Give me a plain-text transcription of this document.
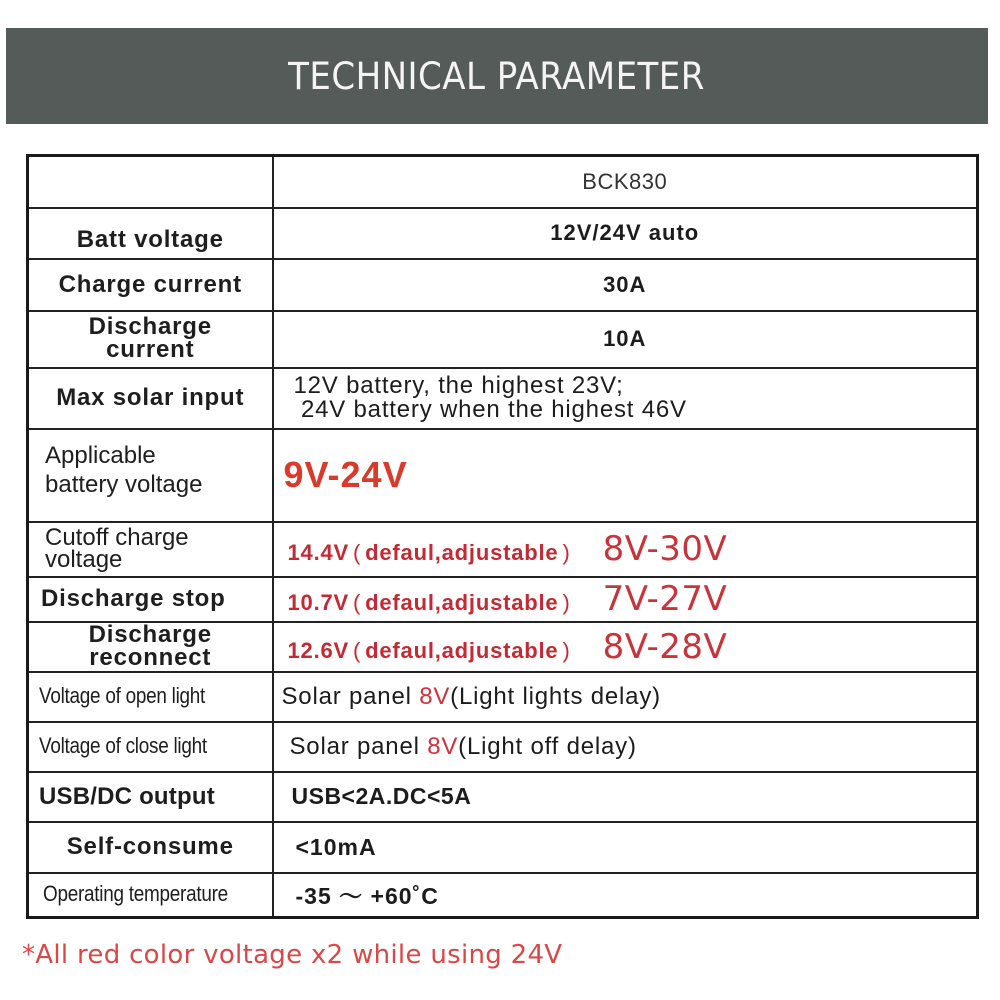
TECHNICAL PARAMETER
	BCK830
Batt voltage	12V/24V auto
Charge current	30A

Discharge
current	10A
Max solar input	12V battery, the highest 23V;
24V battery when the highest 46V

Applicable
battery voltage	9V-24V

Cutoff charge
voltage	14.4V ( defaul,adjustable ) 8V-30V
Discharge stop	10.7V ( defaul,adjustable ) 7V-27V

Discharge
reconnect	12.6V ( defaul,adjustable ) 8V-28V
Voltage of open light	Solar panel 8V(Light lights delay)
Voltage of close light	Solar panel 8V(Light off delay)
USB/DC output	USB<2A.DC<5A
Self-consume	<10mA
Operating temperature	-35 〜 +60˚C
*All red color voltage x2 while using 24V
